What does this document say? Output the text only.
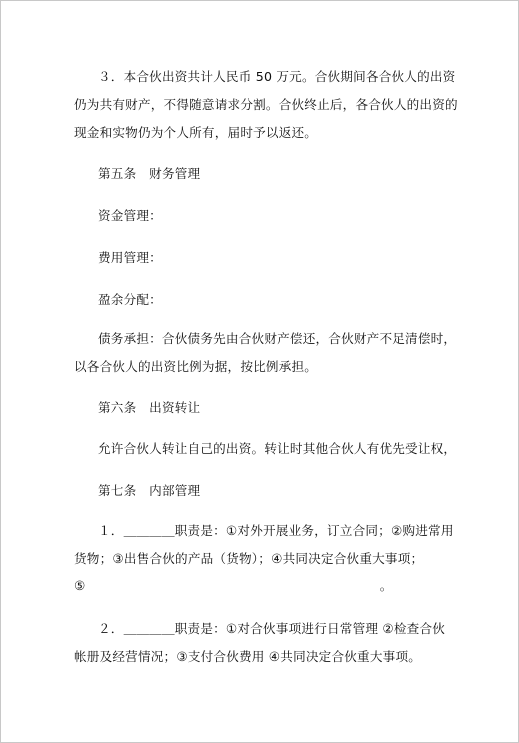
３．本合伙出资共计人民币 50 万元。合伙期间各合伙人的出资
仍为共有财产，不得随意请求分割。合伙终止后，各合伙人的出资的
现金和实物仍为个人所有，届时予以返还。
第五条　财务管理
资金管理：
费用管理：
盈余分配：
债务承担：合伙债务先由合伙财产偿还，合伙财产不足清偿时，
以各合伙人的出资比例为据，按比例承担。
第六条　出资转让
允许合伙人转让自己的出资。转让时其他合伙人有优先受让权，
第七条　内部管理
１．＿＿＿＿职责是：①对外开展业务，订立合同；②购进常用
货物；③出售合伙的产品（货物）；④共同决定合伙重大事项；
⑤　　　　　　　　　　　　　　　　　　　　　　　。
２．＿＿＿＿职责是：①对合伙事项进行日常管理 ②检查合伙
帐册及经营情况；③支付合伙费用 ④共同决定合伙重大事项。
